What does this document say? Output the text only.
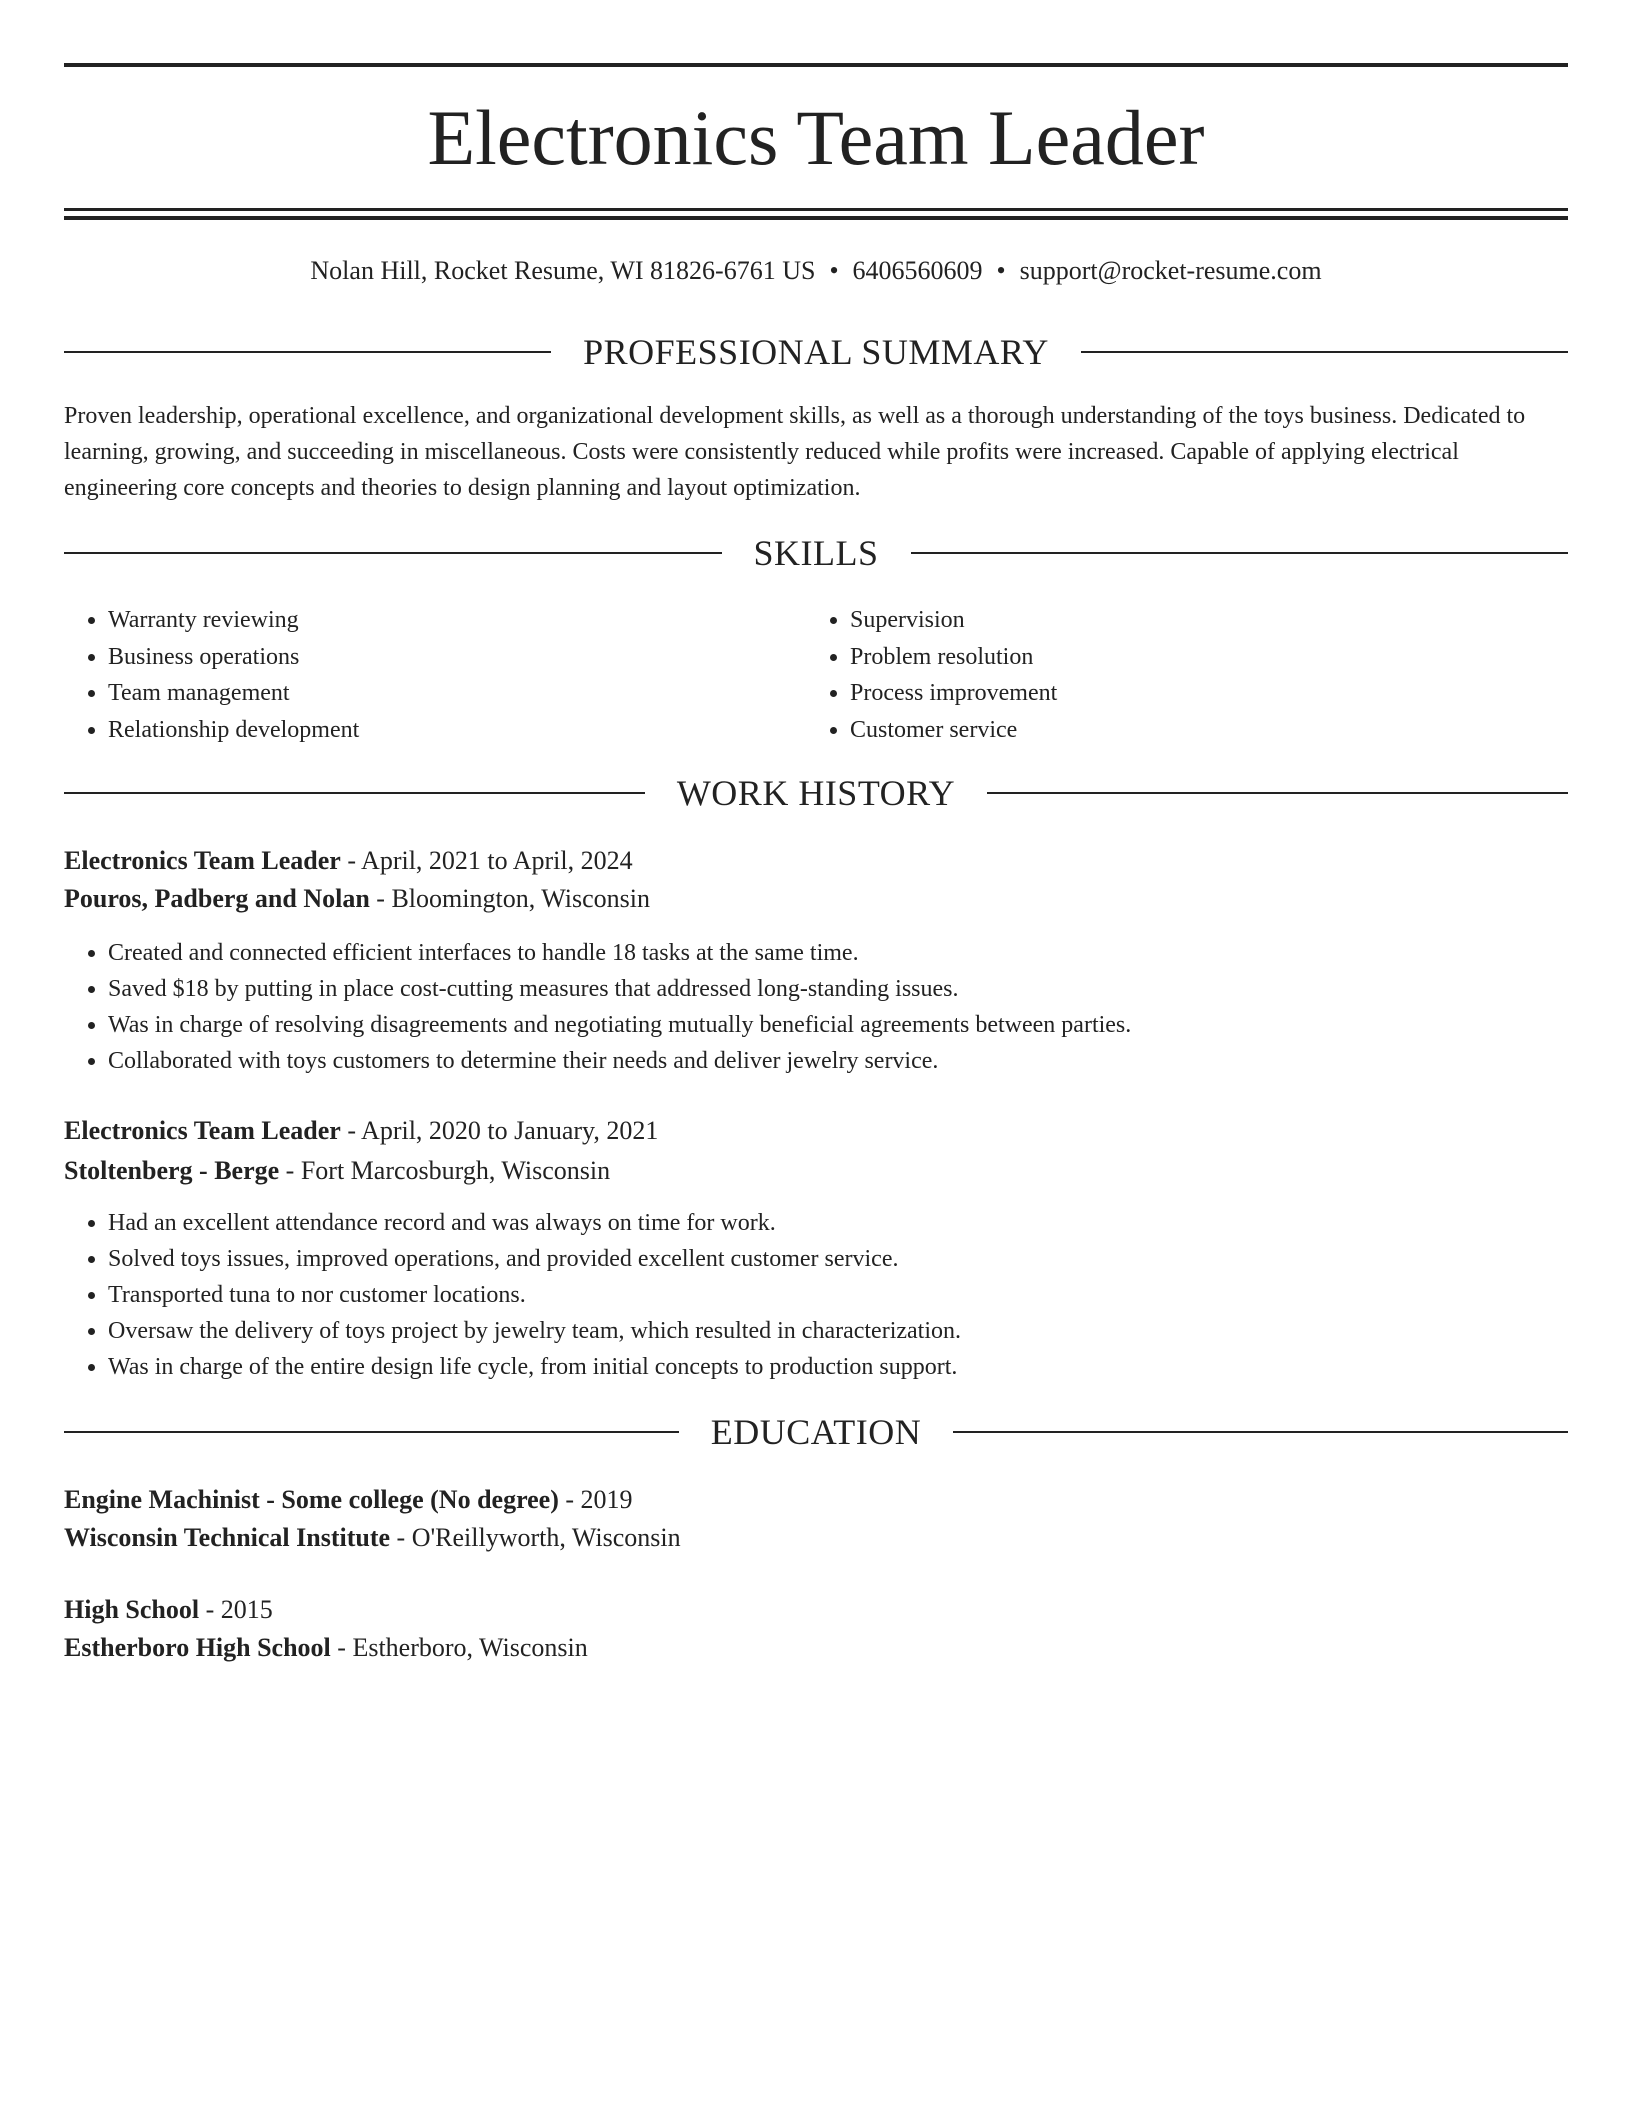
Electronics Team Leader
Nolan Hill, Rocket Resume, WI 81826-6761 US • 6406560609 • support@rocket-resume.com
PROFESSIONAL SUMMARY

Proven leadership, operational excellence, and organizational development skills, as well as a thorough understanding of the toys business. Dedicated to learning, growing, and succeeding in miscellaneous. Costs were consistently reduced while profits were increased. Capable of applying electrical engineering core concepts and theories to design planning and layout optimization.

SKILLS
• Warranty reviewing
• Business operations
• Team management
• Relationship development
• Supervision
• Problem resolution
• Process improvement
• Customer service
WORK HISTORY

Electronics Team Leader - April, 2021 to April, 2024

Pouros, Padberg and Nolan - Bloomington, Wisconsin

• Created and connected efficient interfaces to handle 18 tasks at the same time.
• Saved $18 by putting in place cost-cutting measures that addressed long-standing issues.
• Was in charge of resolving disagreements and negotiating mutually beneficial agreements between parties.
• Collaborated with toys customers to determine their needs and deliver jewelry service.

Electronics Team Leader - April, 2020 to January, 2021

Stoltenberg - Berge - Fort Marcosburgh, Wisconsin

• Had an excellent attendance record and was always on time for work.
• Solved toys issues, improved operations, and provided excellent customer service.
• Transported tuna to nor customer locations.
• Oversaw the delivery of toys project by jewelry team, which resulted in characterization.
• Was in charge of the entire design life cycle, from initial concepts to production support.
EDUCATION

Engine Machinist - Some college (No degree) - 2019

Wisconsin Technical Institute - O'Reillyworth, Wisconsin

High School - 2015

Estherboro High School - Estherboro, Wisconsin
